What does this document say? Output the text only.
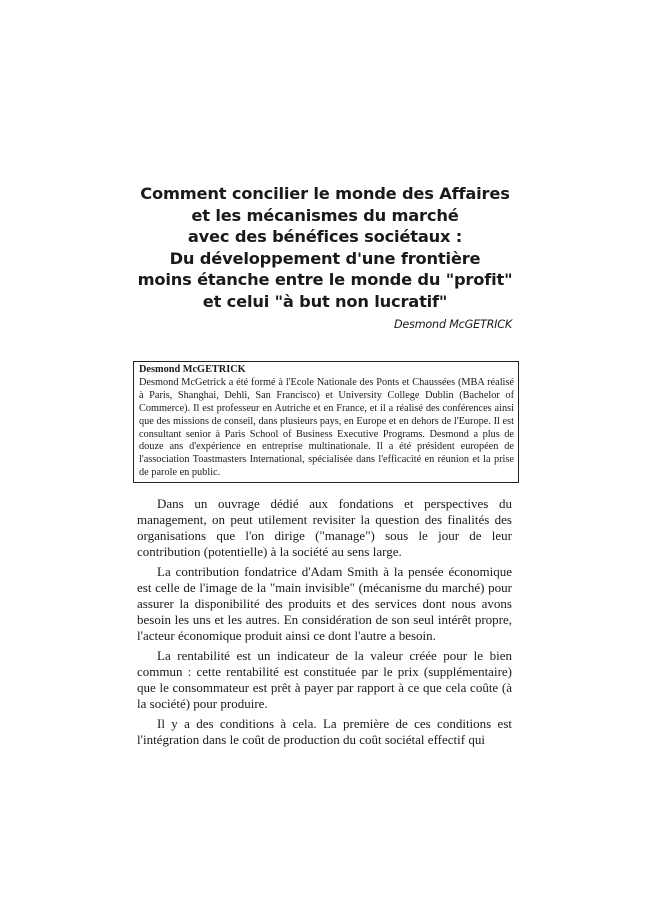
Comment concilier le monde des Affaires
et les mécanismes du marché
avec des bénéfices sociétaux :
Du développement d'une frontière
moins étanche entre le monde du "profit"
et celui "à but non lucratif"
Desmond McGETRICK
Desmond McGETRICK
Desmond McGetrick a été formé à l'Ecole Nationale des Ponts et Chaussées (MBA réalisé à Paris, Shanghai, Dehli, San Francisco) et University College Dublin (Bachelor of Commerce). Il est professeur en Autriche et en France, et il a réalisé des conférences ainsi que des missions de conseil, dans plusieurs pays, en Europe et en dehors de l'Europe. Il est consultant senior à Paris School of Business Executive Programs. Desmond a plus de douze ans d'expérience en entreprise multinationale. Il a été président européen de l'association Toastmasters International, spécialisée dans l'efficacité en réunion et la prise de parole en public.

Dans un ouvrage dédié aux fondations et perspectives du management, on peut utilement revisiter la question des finalités des organisations que l'on dirige ("manage") sous le jour de leur contribution (potentielle) à la société au sens large.

La contribution fondatrice d'Adam Smith à la pensée économique est celle de l'image de la "main invisible" (mécanisme du marché) pour assurer la disponibilité des produits et des services dont nous avons besoin les uns et les autres. En considération de son seul intérêt propre, l'acteur économique produit ainsi ce dont l'autre a besoin.

La rentabilité est un indicateur de la valeur créée pour le bien commun : cette rentabilité est constituée par le prix (supplémentaire) que le consommateur est prêt à payer par rapport à ce que cela coûte (à la société) pour produire.

Il y a des conditions à cela. La première de ces conditions est l'intégration dans le coût de production du coût sociétal effectif qui
